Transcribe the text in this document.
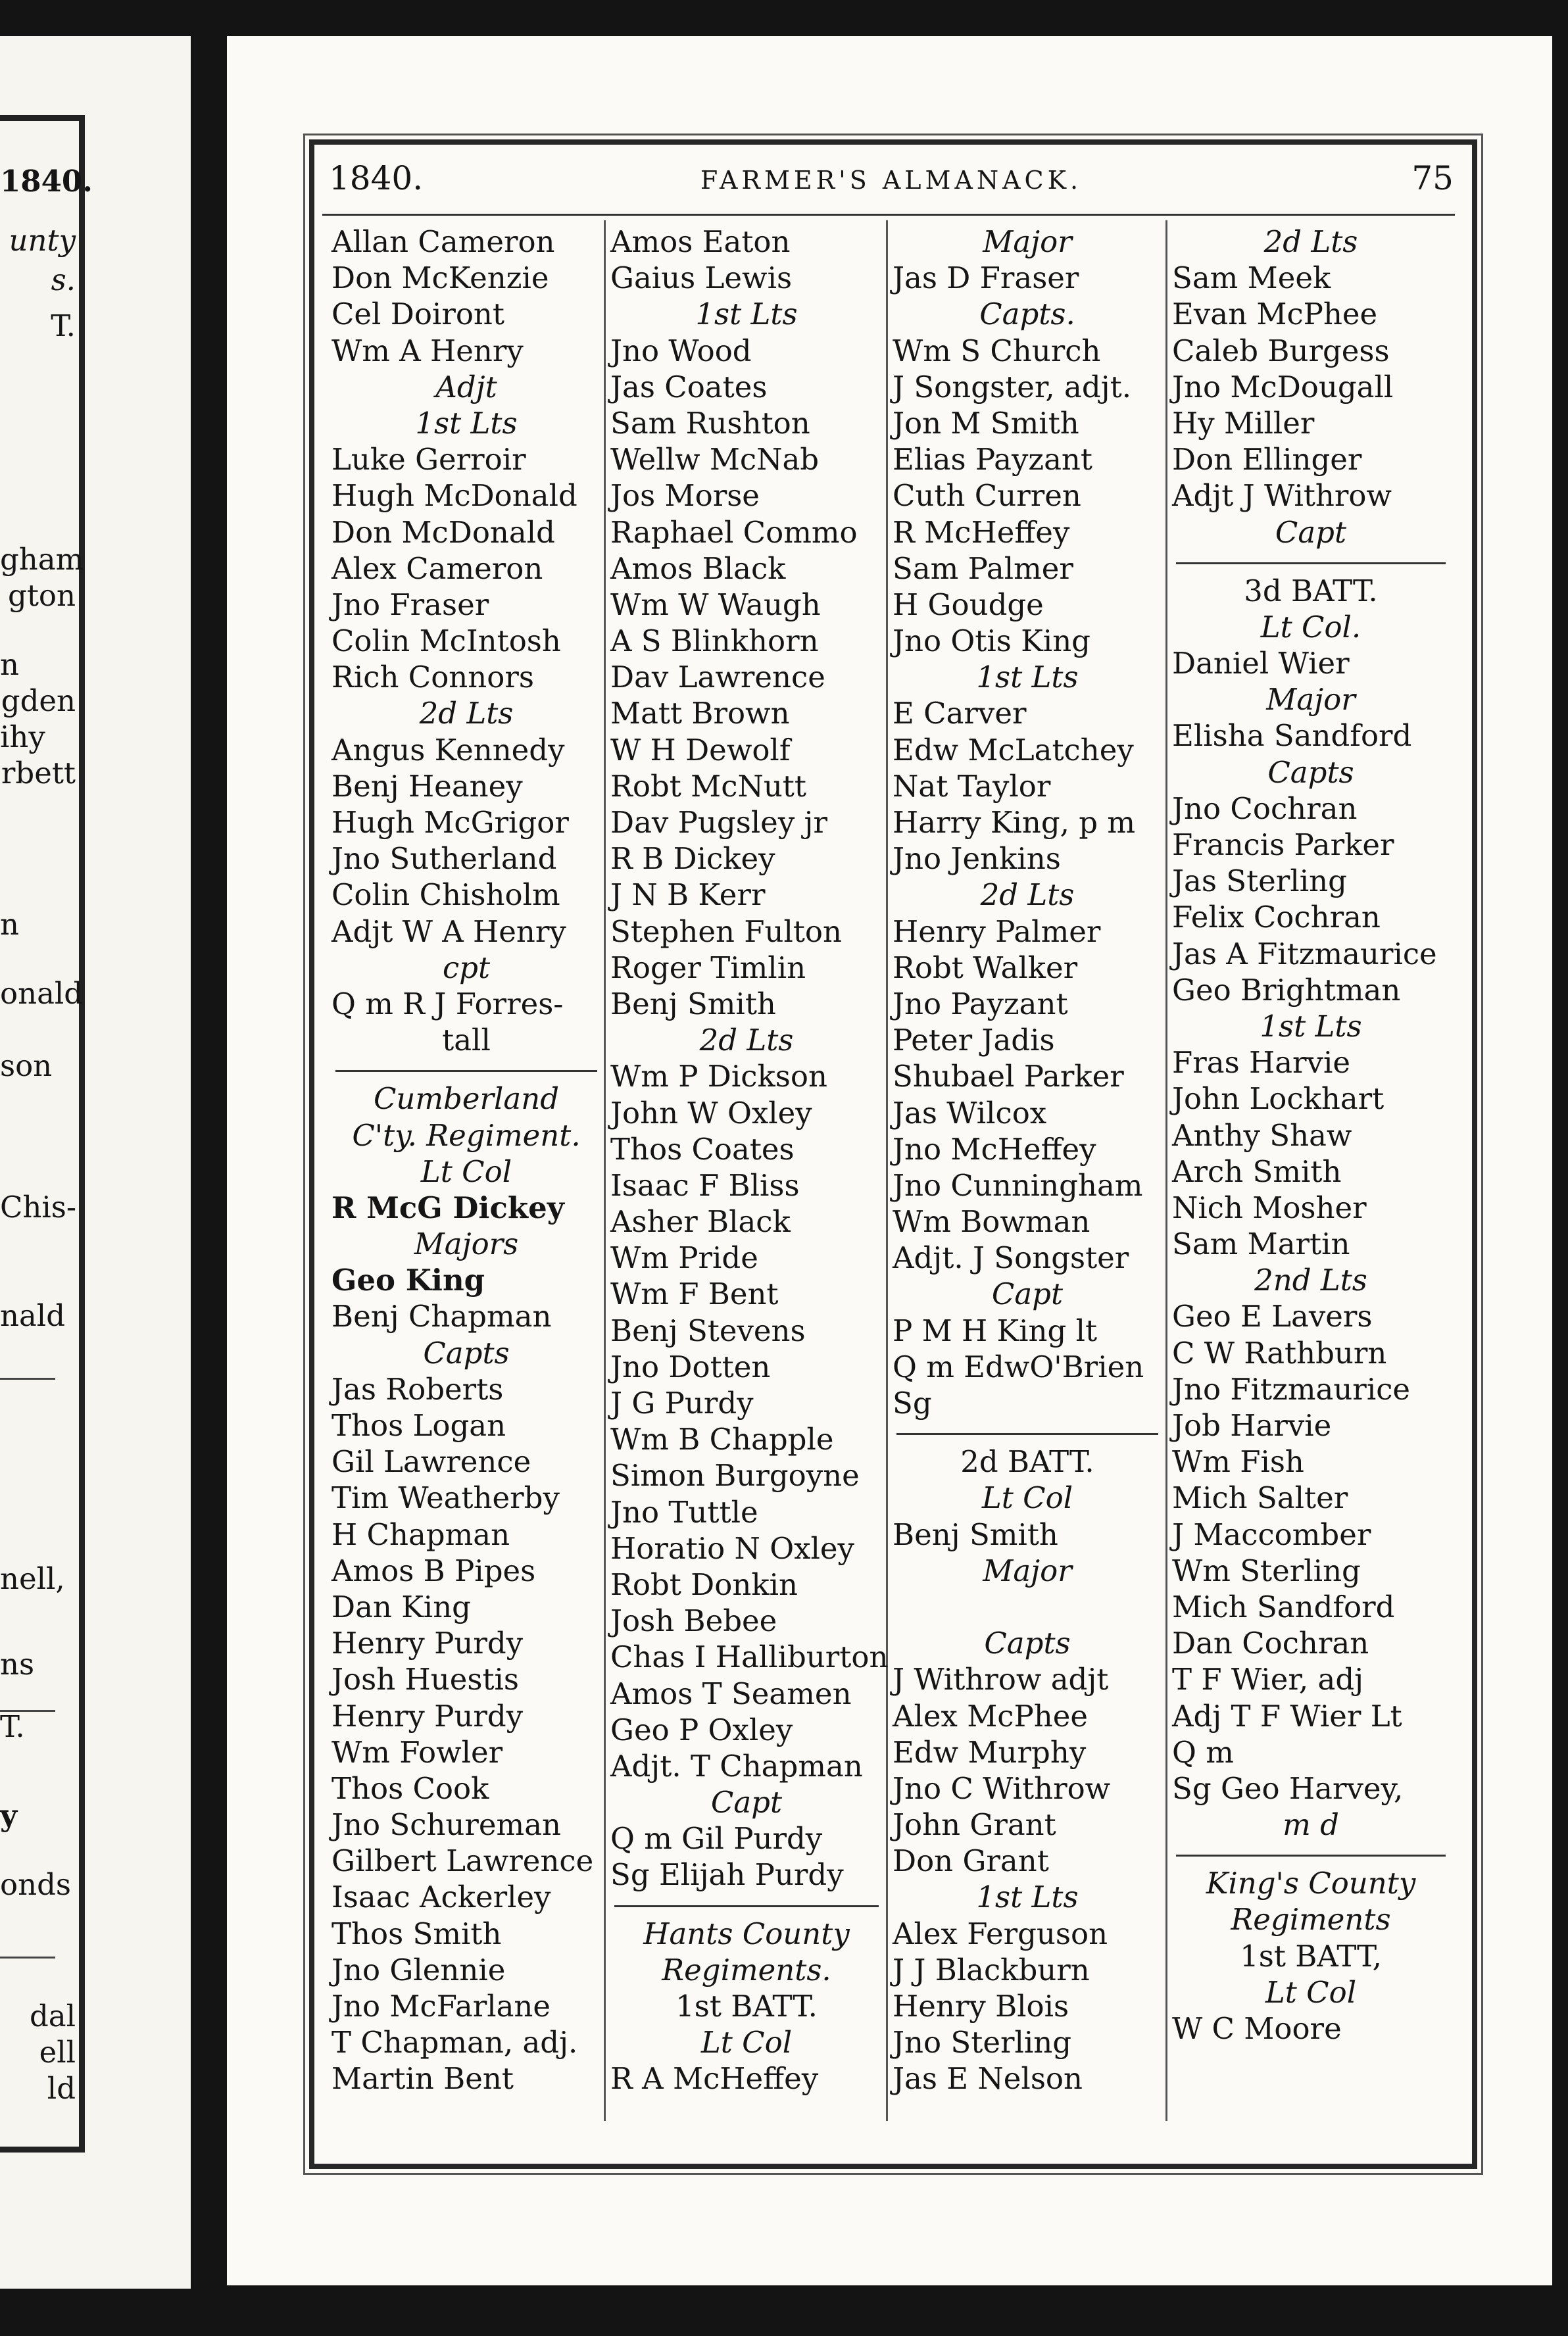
1840.
unty
s.
T.
gham
gton
n
gden
ihy
rbett
n
onald
son
Chis-
nald
nell,
ns
T.
y
onds
dal
ell
ld
1840.	FARMER'S ALMANACK.	75
Allan Cameron
Don McKenzie
Cel Doiront
Wm A Henry
Adjt
1st Lts
Luke Gerroir
Hugh McDonald
Don McDonald
Alex Cameron
Jno Fraser
Colin McIntosh
Rich Connors
2d Lts
Angus Kennedy
Benj Heaney
Hugh McGrigor
Jno Sutherland
Colin Chisholm
Adjt W A Henry
cpt
Q m R J Forres-
tall
Cumberland
C'ty. Regiment.
Lt Col
R McG Dickey
Majors
Geo King
Benj Chapman
Capts
Jas Roberts
Thos Logan
Gil Lawrence
Tim Weatherby
H Chapman
Amos B Pipes
Dan King
Henry Purdy
Josh Huestis
Henry Purdy
Wm Fowler
Thos Cook
Jno Schureman
Gilbert Lawrence
Isaac Ackerley
Thos Smith
Jno Glennie
Jno McFarlane
T Chapman, adj.
Martin Bent
Amos Eaton
Gaius Lewis
1st Lts
Jno Wood
Jas Coates
Sam Rushton
Wellw McNab
Jos Morse
Raphael Commo
Amos Black
Wm W Waugh
A S Blinkhorn
Dav Lawrence
Matt Brown
W H Dewolf
Robt McNutt
Dav Pugsley jr
R B Dickey
J N B Kerr
Stephen Fulton
Roger Timlin
Benj Smith
2d Lts
Wm P Dickson
John W Oxley
Thos Coates
Isaac F Bliss
Asher Black
Wm Pride
Wm F Bent
Benj Stevens
Jno Dotten
J G Purdy
Wm B Chapple
Simon Burgoyne
Jno Tuttle
Horatio N Oxley
Robt Donkin
Josh Bebee
Chas I Halliburton
Amos T Seamen
Geo P Oxley
Adjt. T Chapman
Capt
Q m Gil Purdy
Sg Elijah Purdy
Hants County
Regiments.
1st BATT.
Lt Col
R A McHeffey
Major
Jas D Fraser
Capts.
Wm S Church
J Songster, adjt.
Jon M Smith
Elias Payzant
Cuth Curren
R McHeffey
Sam Palmer
H Goudge
Jno Otis King
1st Lts
E Carver
Edw McLatchey
Nat Taylor
Harry King, p m
Jno Jenkins
2d Lts
Henry Palmer
Robt Walker
Jno Payzant
Peter Jadis
Shubael Parker
Jas Wilcox
Jno McHeffey
Jno Cunningham
Wm Bowman
Adjt. J Songster
Capt
P M H King lt
Q m EdwO'Brien
Sg
2d BATT.
Lt Col
Benj Smith
Major
Capts
J Withrow adjt
Alex McPhee
Edw Murphy
Jno C Withrow
John Grant
Don Grant
1st Lts
Alex Ferguson
J J Blackburn
Henry Blois
Jno Sterling
Jas E Nelson
2d Lts
Sam Meek
Evan McPhee
Caleb Burgess
Jno McDougall
Hy Miller
Don Ellinger
Adjt J Withrow
Capt
3d BATT.
Lt Col.
Daniel Wier
Major
Elisha Sandford
Capts
Jno Cochran
Francis Parker
Jas Sterling
Felix Cochran
Jas A Fitzmaurice
Geo Brightman
1st Lts
Fras Harvie
John Lockhart
Anthy Shaw
Arch Smith
Nich Mosher
Sam Martin
2nd Lts
Geo E Lavers
C W Rathburn
Jno Fitzmaurice
Job Harvie
Wm Fish
Mich Salter
J Maccomber
Wm Sterling
Mich Sandford
Dan Cochran
T F Wier, adj
Adj T F Wier Lt
Q m
Sg Geo Harvey,
m d
King's County
Regiments
1st BATT,
Lt Col
W C Moore
